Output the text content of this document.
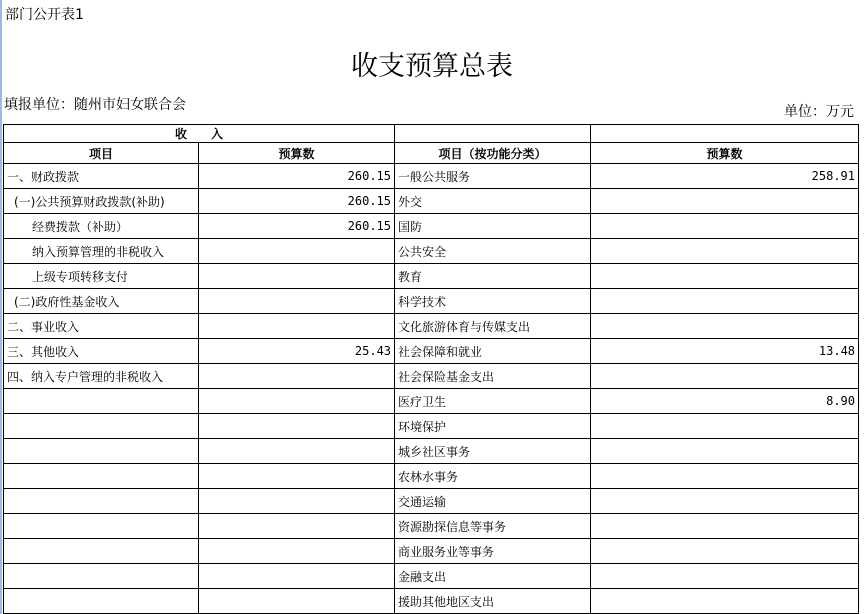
部门公开表1
收支预算总表
填报单位：随州市妇女联合会	单位：万元
收　　入			
项目	预算数	项目（按功能分类）	预算数
一、财政拨款	260.15	一般公共服务	258.91
(一)公共预算财政拨款(补助)	260.15	外交	
经费拨款（补助）	260.15	国防	
纳入预算管理的非税收入		公共安全	
上级专项转移支付		教育	
(二)政府性基金收入		科学技术	
二、事业收入		文化旅游体育与传媒支出	
三、其他收入	25.43	社会保障和就业	13.48
四、纳入专户管理的非税收入		社会保险基金支出	
		医疗卫生	8.90
		环境保护	
		城乡社区事务	
		农林水事务	
		交通运输	
		资源勘探信息等事务	
		商业服务业等事务	
		金融支出	
		援助其他地区支出	
